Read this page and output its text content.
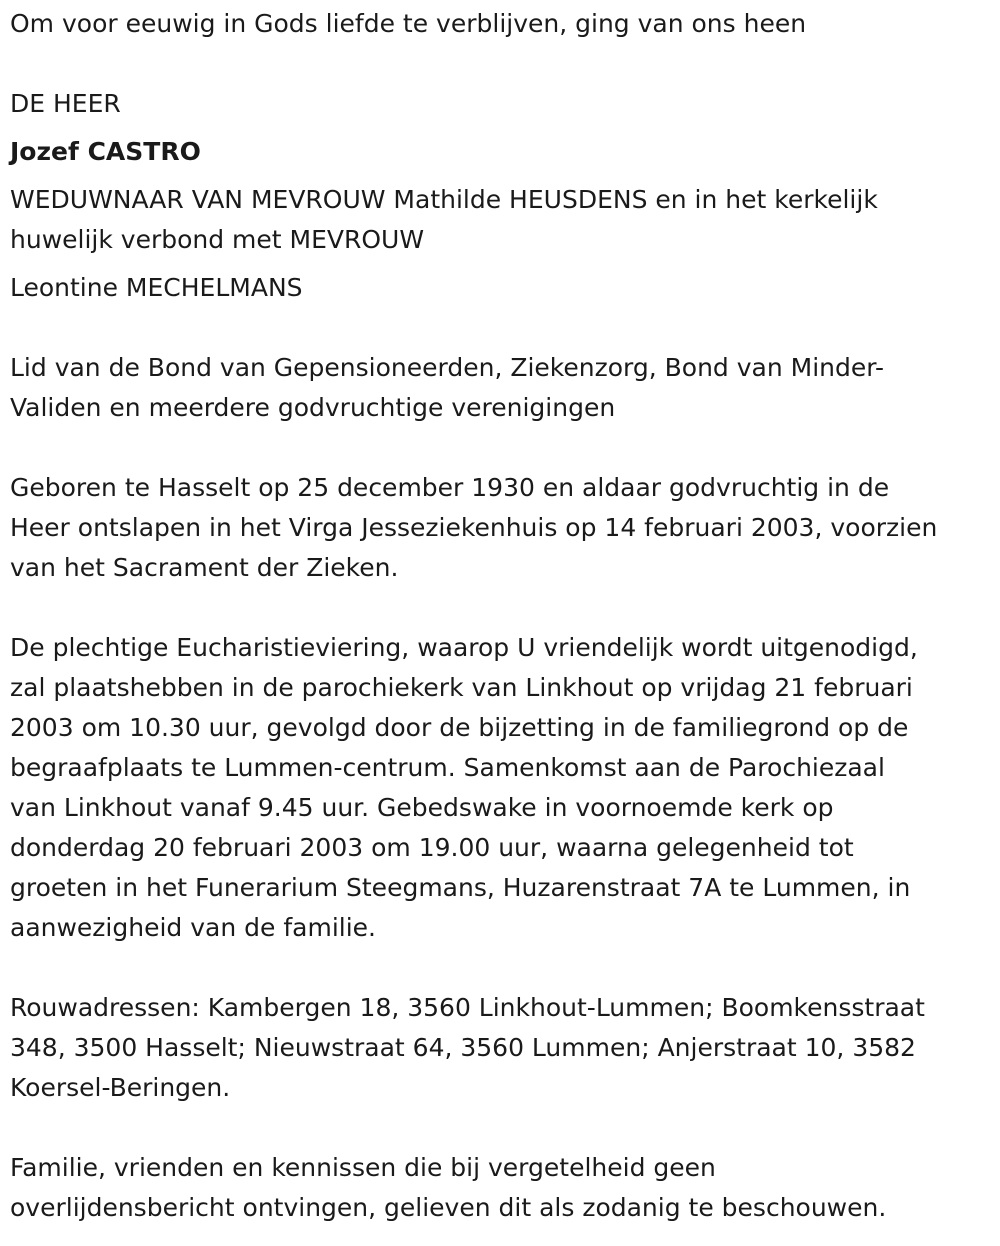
Om voor eeuwig in Gods liefde te verblijven, ging van ons heen

DE HEER

Jozef CASTRO

WEDUWNAAR VAN MEVROUW Mathilde HEUSDENS en in het kerkelijk

huwelijk verbond met MEVROUW

Leontine MECHELMANS

Lid van de Bond van Gepensioneerden, Ziekenzorg, Bond van Minder-

Validen en meerdere godvruchtige verenigingen

Geboren te Hasselt op 25 december 1930 en aldaar godvruchtig in de

Heer ontslapen in het Virga Jesseziekenhuis op 14 februari 2003, voorzien

van het Sacrament der Zieken.

De plechtige Eucharistieviering, waarop U vriendelijk wordt uitgenodigd,

zal plaatshebben in de parochiekerk van Linkhout op vrijdag 21 februari

2003 om 10.30 uur, gevolgd door de bijzetting in de familiegrond op de

begraafplaats te Lummen-centrum. Samenkomst aan de Parochiezaal

van Linkhout vanaf 9.45 uur. Gebedswake in voornoemde kerk op

donderdag 20 februari 2003 om 19.00 uur, waarna gelegenheid tot

groeten in het Funerarium Steegmans, Huzarenstraat 7A te Lummen, in

aanwezigheid van de familie.

Rouwadressen: Kambergen 18, 3560 Linkhout-Lummen; Boomkensstraat

348, 3500 Hasselt; Nieuwstraat 64, 3560 Lummen; Anjerstraat 10, 3582

Koersel-Beringen.

Familie, vrienden en kennissen die bij vergetelheid geen

overlijdensbericht ontvingen, gelieven dit als zodanig te beschouwen.
